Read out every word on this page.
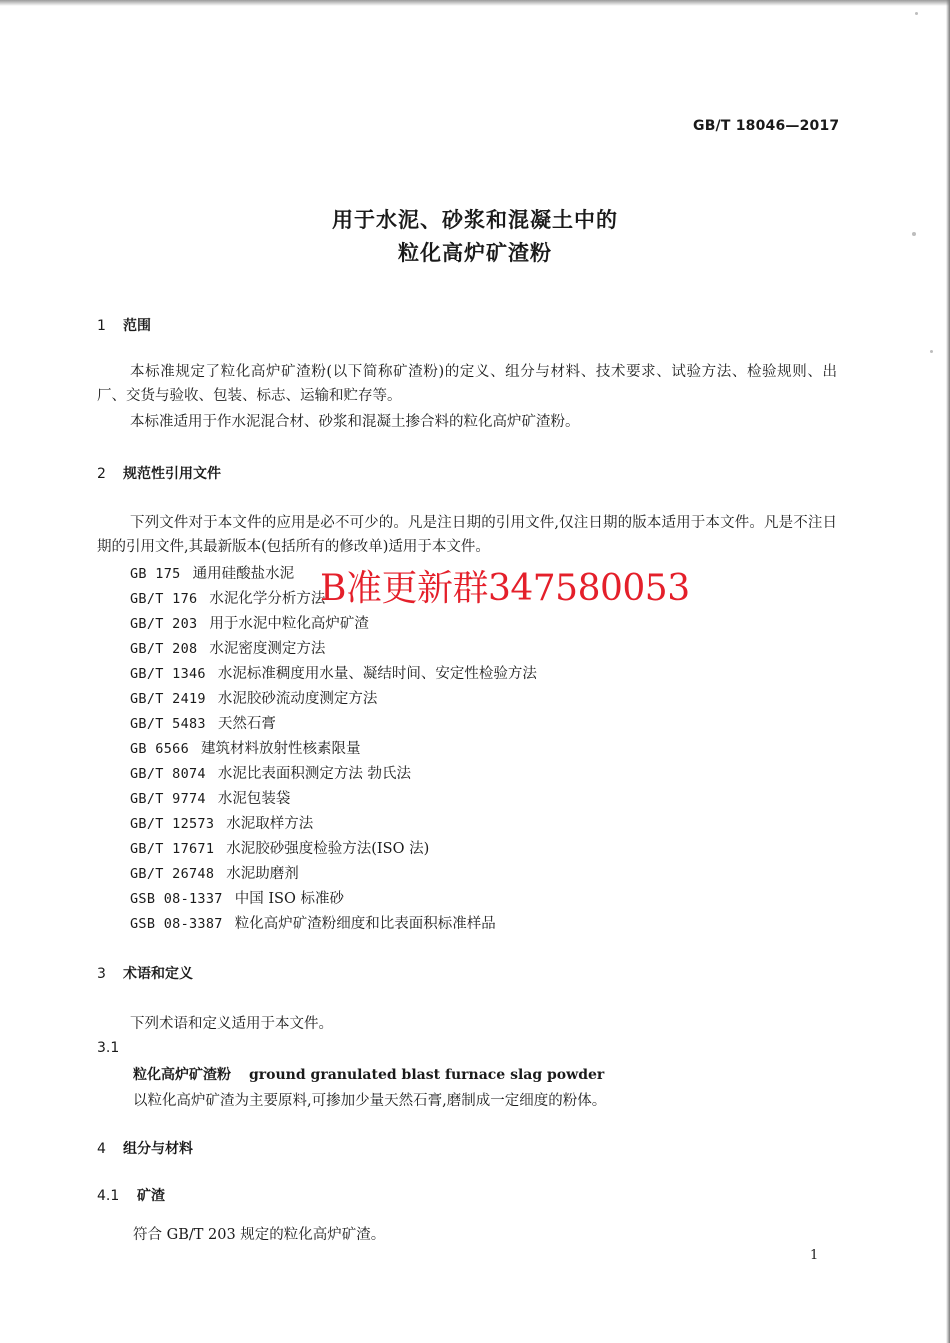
GB/T 18046—2017
用于水泥、砂浆和混凝土中的
粒化高炉矿渣粉
1 范围
本标准规定了粒化高炉矿渣粉(以下简称矿渣粉)的定义、组分与材料、技术要求、试验方法、检验规则、出厂、交货与验收、包装、标志、运输和贮存等。
本标准适用于作水泥混合材、砂浆和混凝土掺合料的粒化高炉矿渣粉。
2 规范性引用文件
下列文件对于本文件的应用是必不可少的。凡是注日期的引用文件,仅注日期的版本适用于本文件。凡是不注日期的引用文件,其最新版本(包括所有的修改单)适用于本文件。
GB 175 通用硅酸盐水泥
GB/T 176 水泥化学分析方法
GB/T 203 用于水泥中粒化高炉矿渣
GB/T 208 水泥密度测定方法
GB/T 1346 水泥标准稠度用水量、凝结时间、安定性检验方法
GB/T 2419 水泥胶砂流动度测定方法
GB/T 5483 天然石膏
GB 6566 建筑材料放射性核素限量
GB/T 8074 水泥比表面积测定方法 勃氏法
GB/T 9774 水泥包装袋
GB/T 12573 水泥取样方法
GB/T 17671 水泥胶砂强度检验方法(ISO 法)
GB/T 26748 水泥助磨剂
GSB 08-1337 中国 ISO 标准砂
GSB 08-3387 粒化高炉矿渣粉细度和比表面积标准样品
B准更新群347580053
3 术语和定义
下列术语和定义适用于本文件。
3.1
粒化高炉矿渣粉 ground granulated blast furnace slag powder
以粒化高炉矿渣为主要原料,可掺加少量天然石膏,磨制成一定细度的粉体。
4 组分与材料
4.1 矿渣
符合 GB/T 203 规定的粒化高炉矿渣。
1
